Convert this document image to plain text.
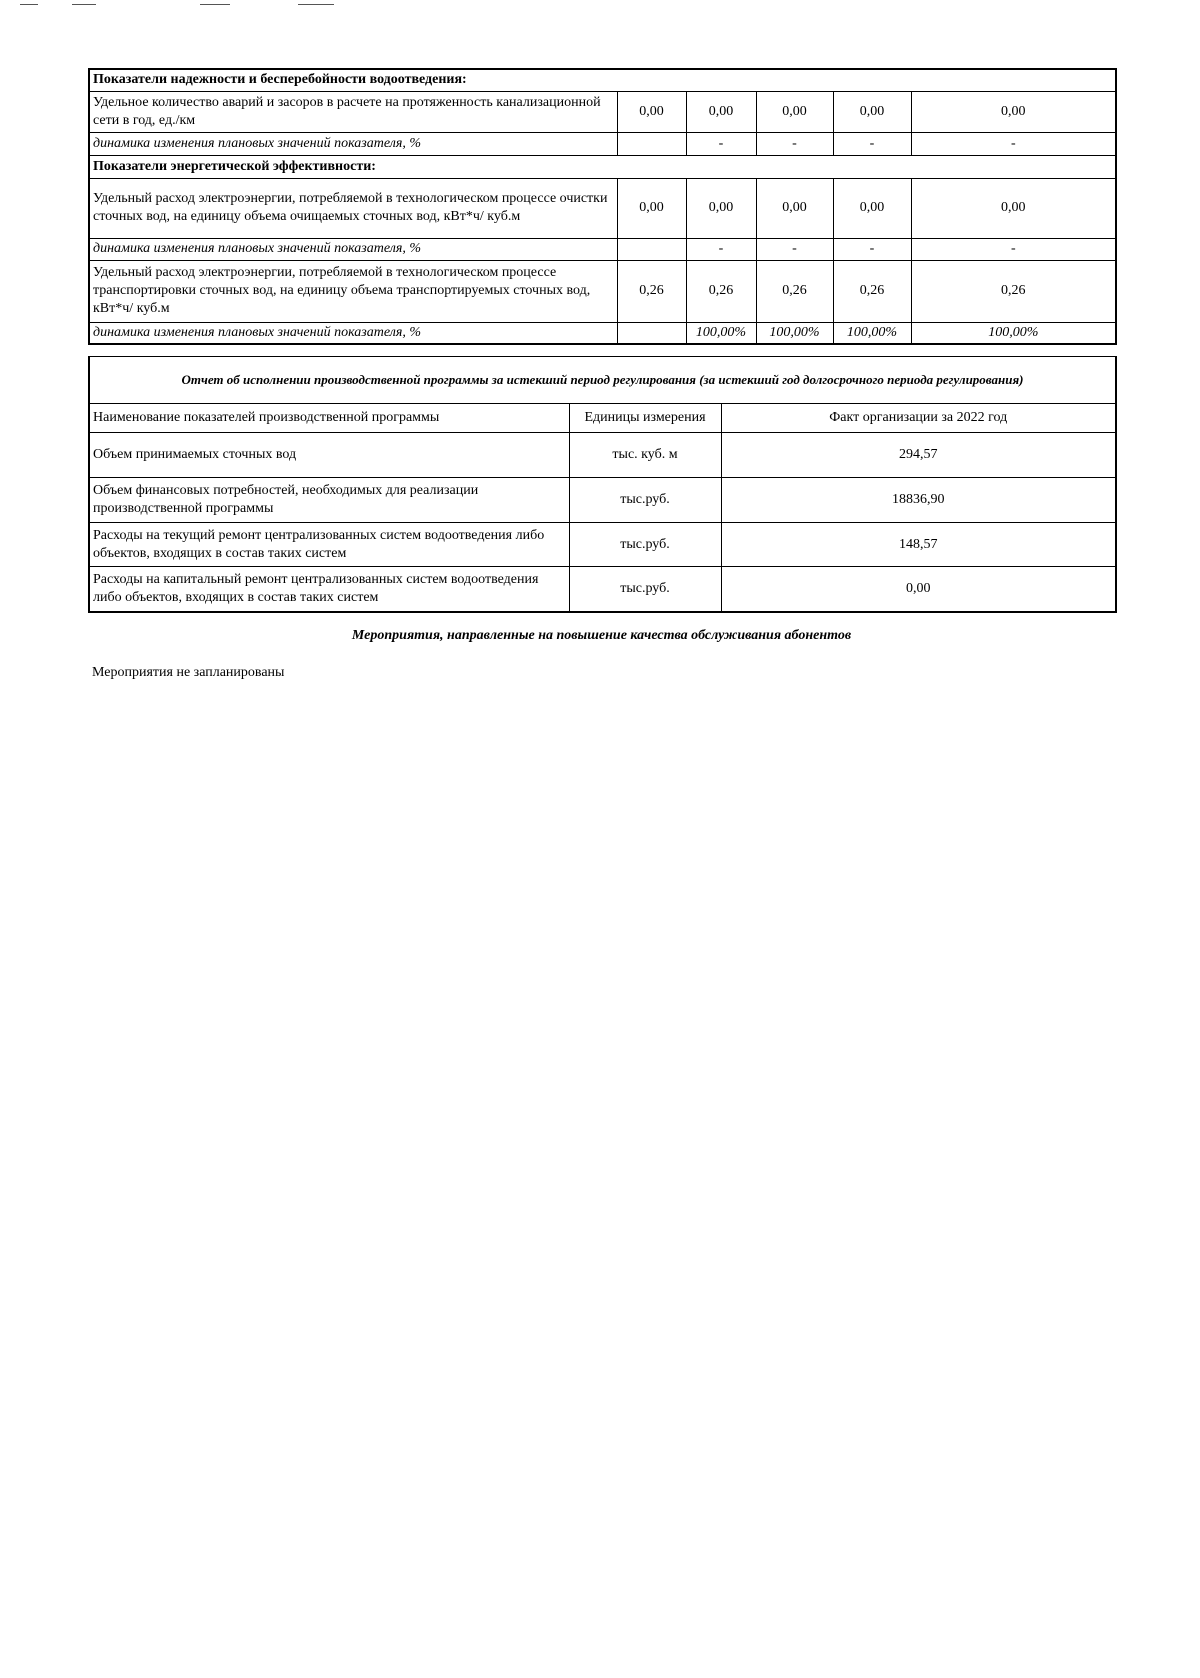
Показатели надежности и бесперебойности водоотведения:					
Удельное количество аварий и засоров в расчете на протяженность канализационной сети в год, ед./км	0,00	0,00	0,00	0,00	0,00
динамика изменения плановых значений показателя, %		-	-	-	-
Показатели энергетической эффективности:					
Удельный расход электроэнергии, потребляемой в технологическом процессе очистки сточных вод, на единицу объема очищаемых сточных вод, кВт*ч/ куб.м	0,00	0,00	0,00	0,00	0,00
динамика изменения плановых значений показателя, %		-	-	-	-
Удельный расход электроэнергии, потребляемой в технологическом процессе транспортировки сточных вод, на единицу объема транспортируемых сточных вод, кВт*ч/ куб.м	0,26	0,26	0,26	0,26	0,26
динамика изменения плановых значений показателя, %		100,00%	100,00%	100,00%	100,00%
Отчет об исполнении производственной программы за истекший период регулирования (за истекший год долгосрочного периода регулирования)		
Наименование показателей производственной программы	Единицы измерения	Факт организации за 2022 год
Объем принимаемых сточных вод	тыс. куб. м	294,57
Объем финансовых потребностей, необходимых для реализации производственной программы	тыс.руб.	18836,90
Расходы на текущий ремонт централизованных систем водоотведения либо объектов, входящих в состав таких систем	тыс.руб.	148,57
Расходы на капитальный ремонт централизованных систем водоотведения либо объектов, входящих в состав таких систем	тыс.руб.	0,00
Мероприятия, направленные на повышение качества обслуживания абонентов
Мероприятия не запланированы
